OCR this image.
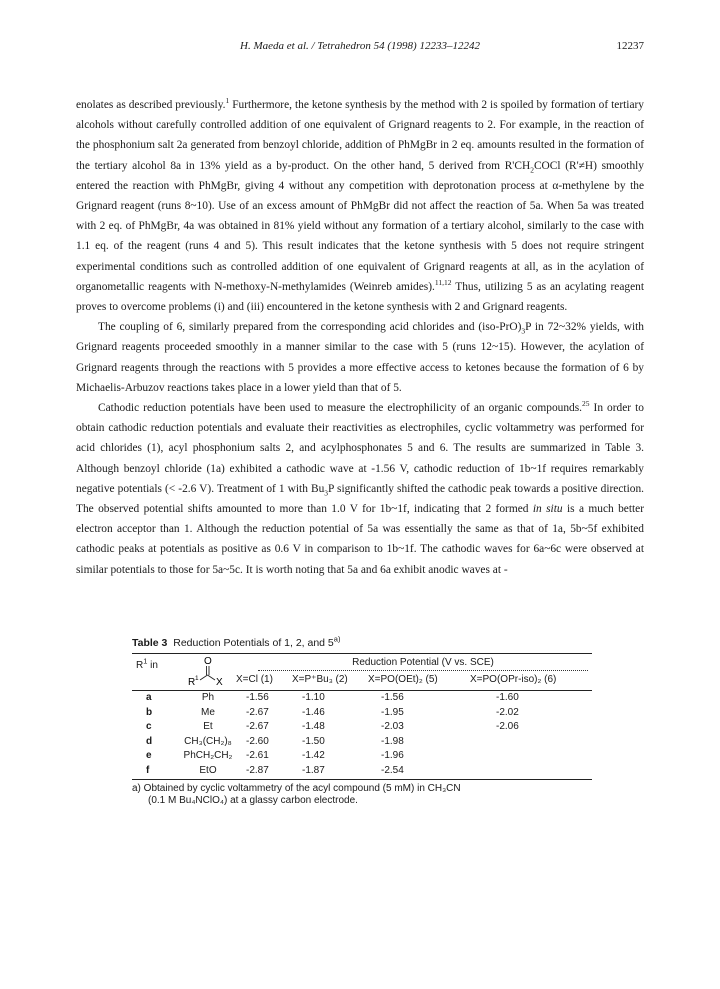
H. Maeda et al. / Tetrahedron 54 (1998) 12233–12242	12237

enolates as described previously.$^1$ Furthermore, the ketone synthesis by the method with 2 is spoiled by formation of tertiary alcohols without carefully controlled addition of one equivalent of Grignard reagents to 2. For example, in the reaction of the phosphonium salt 2a generated from benzoyl chloride, addition of PhMgBr in 2 eq. amounts resulted in the formation of the tertiary alcohol 8a in 13% yield as a by-product. On the other hand, 5 derived from $R'CH_2COCl$ (R'≠H) smoothly entered the reaction with PhMgBr, giving 4 without any competition with deprotonation process at α-methylene by the Grignard reagent (runs 8~10). Use of an excess amount of PhMgBr did not affect the reaction of 5a. When 5a was treated with 2 eq. of PhMgBr, 4a was obtained in 81% yield without any formation of a tertiary alcohol, similarly to the case with 1.1 eq. of the reagent (runs 4 and 5). This result indicates that the ketone synthesis with 5 does not require stringent experimental conditions such as controlled addition of one equivalent of Grignard reagents at all, as in the acylation of organometallic reagents with N-methoxy-N-methylamides (Weinreb amides).$^{11,12}$ Thus, utilizing 5 as an acylating reagent proves to overcome problems (i) and (iii) encountered in the ketone synthesis with 2 and Grignard reagents.

The coupling of 6, similarly prepared from the corresponding acid chlorides and $(iso-PrO)_3P$ in 72~32% yields, with Grignard reagents proceeded smoothly in a manner similar to the case with 5 (runs 12~15). However, the acylation of Grignard reagents through the reactions with 5 provides a more effective access to ketones because the formation of 6 by Michaelis-Arbuzov reactions takes place in a lower yield than that of 5.

Cathodic reduction potentials have been used to measure the electrophilicity of an organic compounds.$^{25}$ In order to obtain cathodic reduction potentials and evaluate their reactivities as electrophiles, cyclic voltammetry was performed for acid chlorides (1), acyl phosphonium salts 2, and acylphosphonates 5 and 6. The results are summarized in Table 3. Although benzoyl chloride (1a) exhibited a cathodic wave at -1.56 V, cathodic reduction of 1b~1f requires remarkably negative potentials (< -2.6 V). Treatment of 1 with $Bu_3P$ significantly shifted the cathodic peak towards a positive direction. The observed potential shifts amounted to more than 1.0 V for 1b~1f, indicating that 2 formed in situ is a much better electron acceptor than 1. Although the reduction potential of 5a was essentially the same as that of 1a, 5b~5f exhibited cathodic peaks at potentials as positive as 0.6 V in comparison to 1b~1f. The cathodic waves for 6a~6c were observed at similar potentials to those for 5a~5c. It is worth noting that 5a and 6a exhibit anodic waves at -

Table 3 Reduction Potentials of 1, 2, and 5$^{a)}$
$R^1$ in	O
R 1 X
Reduction Potential (V vs. SCE)
X=Cl (1) X=P⁺Bu₃ (2) X=PO(OEt)₂ (5)	X=PO(OPr-iso)₂ (6)
a	Ph	-1.56	-1.10	-1.56	-1.60
b	Me	-2.67	-1.46	-1.95	-2.02
c	Et	-2.67	-1.48	-2.03	-2.06
d	CH₃(CH₂)₈	-2.60	-1.50	-1.98
e	PhCH₂CH₂	-2.61	-1.42	-1.96
f	EtO	-2.87	-1.87	-2.54
a) Obtained by cyclic voltammetry of the acyl compound (5 mM) in CH₃CN
(0.1 M Bu₄NClO₄) at a glassy carbon electrode.
